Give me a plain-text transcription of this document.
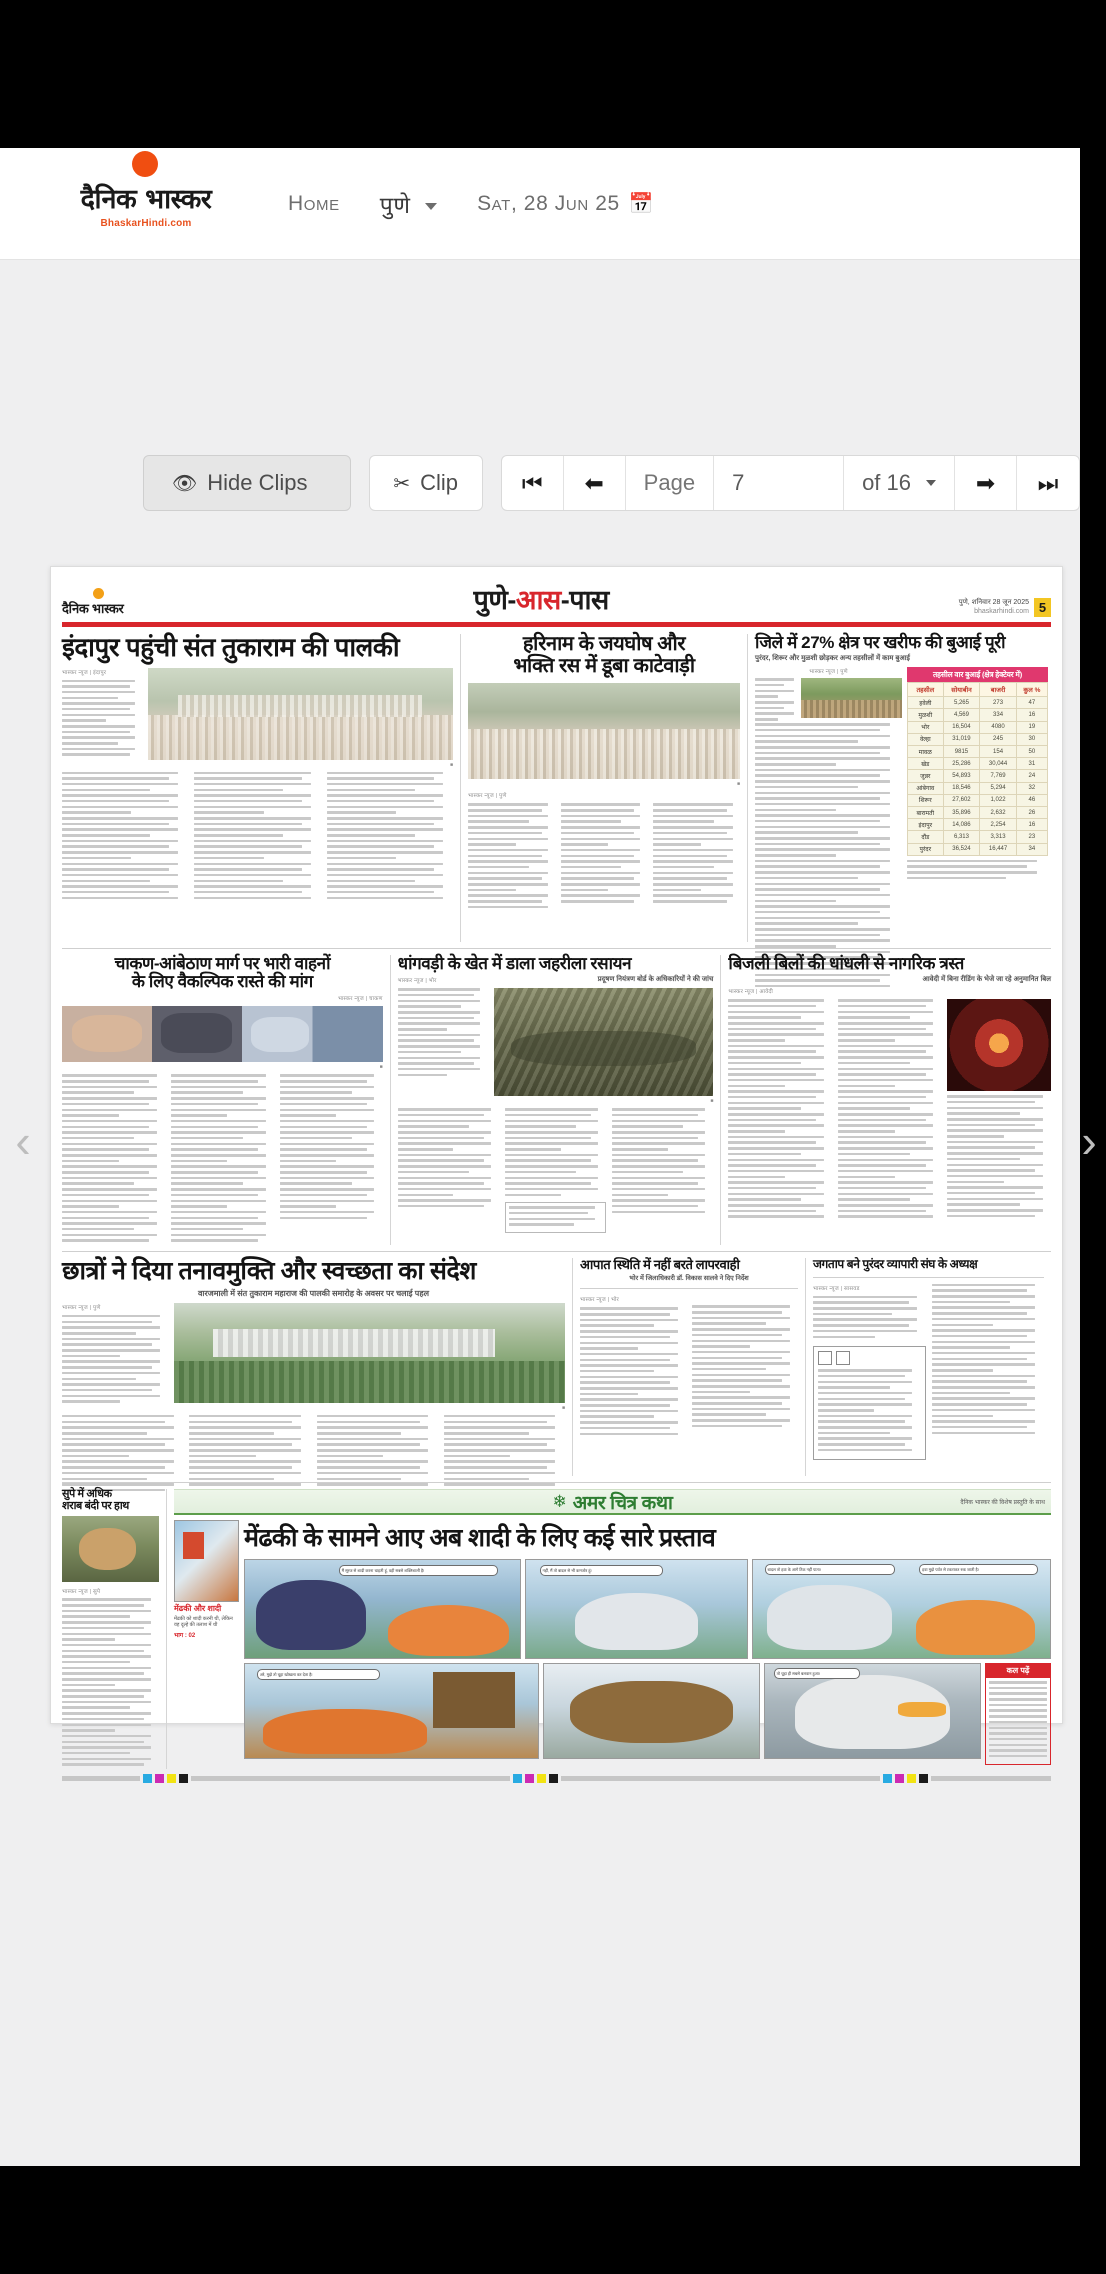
दैनिक भास्कर
BhaskarHindi.com
Home पुणे	Sat, 28 Jun 25 📅
👁 Hide Clips	✂ Clip	⏮	⬅	Page	7	of 16	➡	⏭
‹	›
दैनिक भास्कर	पुणे-आस-पास	पुणे, शनिवार 28 जून 2025
bhaskarhindi.com 5
इंदापुर पहुंची संत तुकाराम की पालकी
भास्कर न्यूज | इंदापुर
■
हरिनाम के जयघोष और
भक्ति रस में डूबा काटेवाड़ी
■
भास्कर न्यूज | पुणे
जिले में 27% क्षेत्र पर खरीफ की बुआई पूरी
पुरंदर, शिरूर और मुळशी छोड़कर अन्य तहसीलों में काम बुआई
भास्कर न्यूज | पुणे	तहसील वार बुआई (क्षेत्र हेक्टेयर में)
तहसील	सोयाबीन	बाजरी	कुल %
हवेली	5,265	273	47
मुळशी	4,569	334	16
भोर	16,504	4080	19
वेल्हा	31,019	245	30
मावळ	9815	154	50
खेड	25,286	30,044	31
जुन्नर	54,893	7,769	24
आंबेगाव	18,546	5,294	32
शिरूर	27,602	1,022	46
बारामती	35,896	2,632	26
इंदापुर	14,086	2,254	16
दौंड	6,313	3,313	23
पुरंदर	36,524	16,447	34
चाकण-आंबेठाण मार्ग पर भारी वाहनों
के लिए वैकल्पिक रास्ते की मांग
भास्कर न्यूज | चाकण
■
धांगवड़ी के खेत में डाला जहरीला रसायन
भास्कर न्यूज | भोर	प्रदूषण नियंत्रण बोर्ड के अधिकारियों ने की जांच
■
बिजली बिलों की धांधली से नागरिक त्रस्त
आवेदी में बिना रीडिंग के भेजे जा रहे अनुमानित बिल
भास्कर न्यूज | आवेदी
छात्रों ने दिया तनावमुक्ति और स्वच्छता का संदेश
वारजमाली में संत तुकाराम महाराज की पालकी समारोह के अवसर पर चलाई पहल
भास्कर न्यूज | पुणे
■
आपात स्थिति में नहीं बरते लापरवाही
भोर में जिलाधिकारी डॉ. विकास सालवे ने दिए निर्देश
भास्कर न्यूज | भोर
जगताप बने पुरंदर व्यापारी संघ के अध्यक्ष
भास्कर न्यूज | सासवड
सुपे में अधिक
शराब बंदी पर हाथ
भास्कर न्यूज | सुपे
❄ अमर चित्र कथा	दैनिक भास्कर की विशेष प्रस्तुति के साथ
मेंढकी और शादी
मेंढकी को शादी करनी थी, लेकिन वह दूल्हे की तलाश में थी
भाग : 02
मेंढकी के सामने आए अब शादी के लिए कई सारे प्रस्ताव
मैं सूरज से शादी करना चाहती हूं, वही सबसे शक्तिशाली है!	नहीं, मैं तो बादल से भी कमजोर हूं!	बादल तो हवा के आगे टिक नहीं पाता!	हवा मुझे पर्वत से टकराकर रुक जाती है!
अरे, मुझे तो चूहा खोखला कर देता है!	तो चूहा ही सबसे बलवान हुआ!	कल पढ़ें
